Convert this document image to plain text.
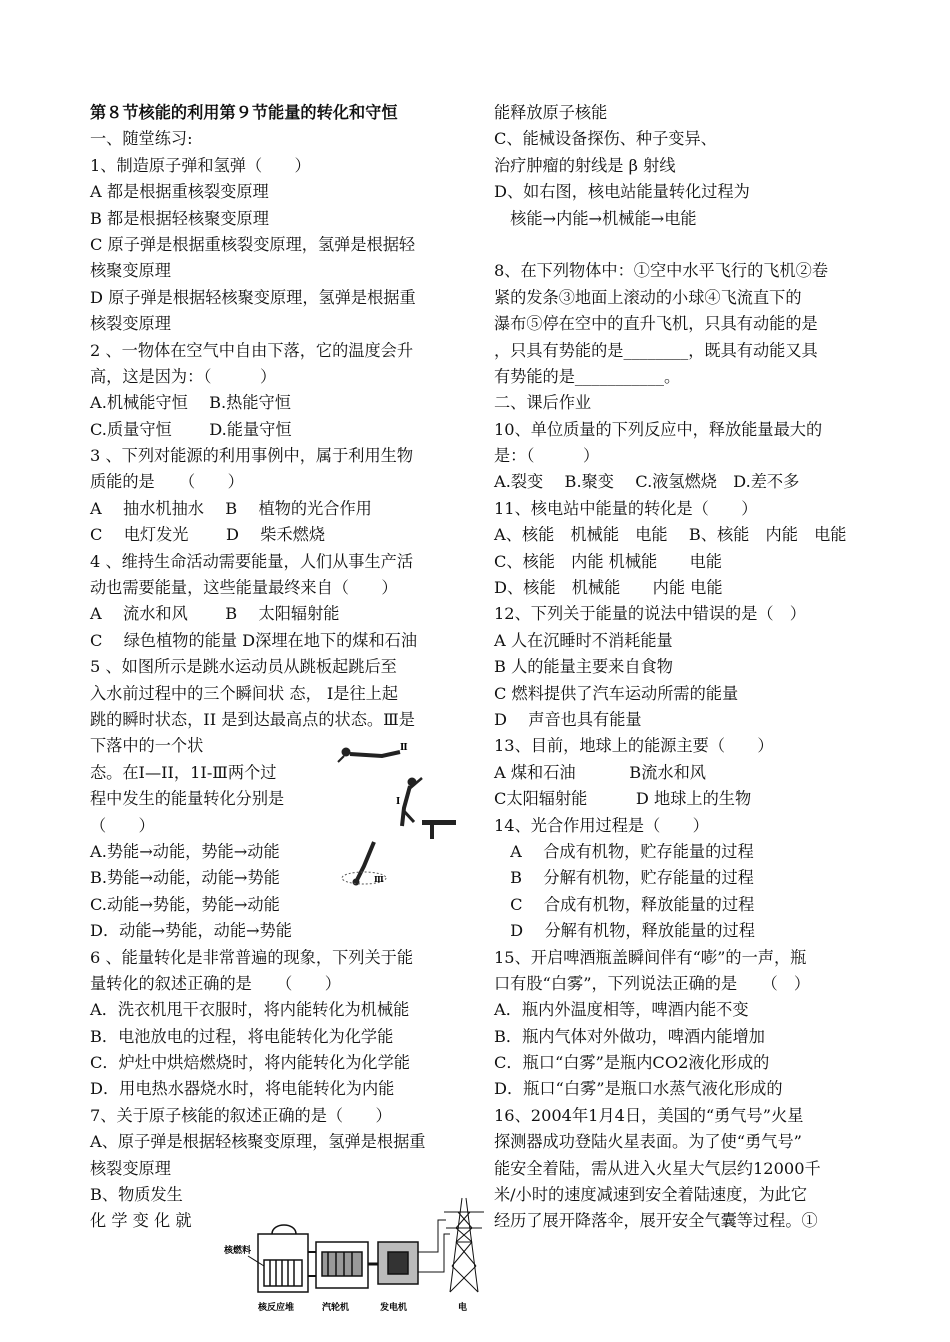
第８节核能的利用第９节能量的转化和守恒
一、随堂练习:
1、制造原子弹和氢弹（　　）
A 都是根据重核裂变原理
B 都是根据轻核聚变原理
C 原子弹是根据重核裂变原理，氢弹是根据轻
核聚变原理
D 原子弹是根据轻核聚变原理，氢弹是根据重
核裂变原理
2 、一物体在空气中自由下落，它的温度会升
高，这是因为：（　　　）
A.机械能守恒　 B.热能守恒
C.质量守恒　　 D.能量守恒
3 、下列对能源的利用事例中，属于利用生物
质能的是　　（　　）
A　 抽水机抽水　 B　 植物的光合作用
C　 电灯发光　　 D　 柴禾燃烧
4 、维持生命活动需要能量，人们从事生产活
动也需要能量，这些能量最终来自（　　）
A　 流水和风　　 B　 太阳辐射能
C　 绿色植物的能量 D深埋在地下的煤和石油
5 、如图所示是跳水运动员从跳板起跳后至
入水前过程中的三个瞬间状 态， Ⅰ是往上起
跳的瞬时状态，II 是到达最高点的状态。Ⅲ是
下落中的一个状
态。在Ⅰ—II，1I-Ⅲ两个过
程中发生的能量转化分别是
（　　）
A.势能→动能，势能→动能
B.势能→动能，动能→势能
C.动能→势能，势能→动能
D．动能→势能，动能→势能
6 、能量转化是非常普遍的现象，下列关于能
量转化的叙述正确的是　　（　　）
A．洗衣机甩干衣服时，将内能转化为机械能
B．电池放电的过程，将电能转化为化学能
C．炉灶中烘焙燃烧时，将内能转化为化学能
D．用电热水器烧水时，将电能转化为内能
7、关于原子核能的叙述正确的是（　　）
A、原子弹是根据轻核聚变原理，氢弹是根据重
核裂变原理
B、物质发生
化 学 变 化 就
能释放原子核能
C、能械设备探伤、种子变异、
治疗肿瘤的射线是 β 射线
D、如右图，核电站能量转化过程为
　核能→内能→机械能→电能
8、在下列物体中：①空中水平飞行的飞机②卷
紧的发条③地面上滚动的小球④飞流直下的
瀑布⑤停在空中的直升飞机，只具有动能的是
，只具有势能的是________，既具有动能又具
有势能的是___________。
二、课后作业
10、单位质量的下列反应中，释放能量最大的
是：（　　　）
A.裂变　 B.聚变　 C.液氢燃烧　D.差不多
11、核电站中能量的转化是（　　）
A、核能　机械能　电能　 B、核能　内能　电能
C、核能　内能 机械能　　电能
D、核能　机械能　　内能 电能
12、下列关于能量的说法中错误的是（　）
A 人在沉睡时不消耗能量
B 人的能量主要来自食物
C 燃料提供了汽车运动所需的能量
D　 声音也具有能量
13、目前，地球上的能源主要（　　）
A 煤和石油　　　 B流水和风
C太阳辐射能　　　D 地球上的生物
14、光合作用过程是（　　）
　A　 合成有机物，贮存能量的过程
　B　 分解有机物，贮存能量的过程
　C　 合成有机物，释放能量的过程
　D　 分解有机物，释放能量的过程
15、开启啤酒瓶盖瞬间伴有“嘭”的一声，瓶
口有股“白雾”，下列说法正确的是　　（　）
A．瓶内外温度相等，啤酒内能不变
B．瓶内气体对外做功，啤酒内能增加
C．瓶口“白雾”是瓶内CO2液化形成的
D．瓶口“白雾”是瓶口水蒸气液化形成的
16、2004年1月4日，美国的“勇气号”火星
探测器成功登陆火星表面。为了使“勇气号”
能安全着陆，需从进入火星大气层约12000千
米/小时的速度减速到安全着陆速度，为此它
经历了展开降落伞，展开安全气囊等过程。①
Ⅱ
Ⅰ
Ⅲ
核燃料
核反应堆	汽轮机	发电机	电
